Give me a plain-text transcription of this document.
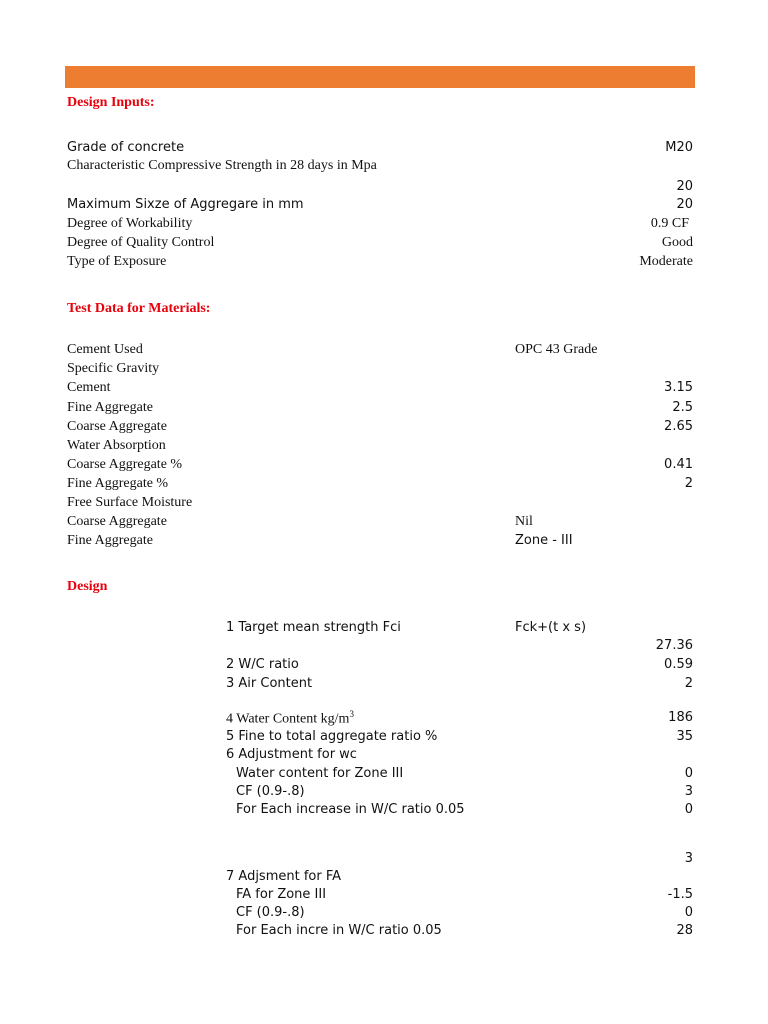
Design Inputs:
Grade of concrete	M20
Characteristic Compressive Strength in 28 days in Mpa
20
Maximum Sixze of Aggregare in mm	20
Degree of Workability	0.9 CF
Degree of Quality Control	Good
Type of Exposure	Moderate
Test Data for Materials:
Cement Used	OPC 43 Grade
Specific Gravity
Cement	3.15
Fine Aggregate	2.5
Coarse Aggregate	2.65
Water Absorption
Coarse Aggregate %	0.41
Fine Aggregate %	2
Free Surface Moisture
Coarse Aggregate	Nil
Fine Aggregate	Zone - III
Design
1 Target mean strength Fci	Fck+(t x s)
27.36
2 W/C ratio	0.59
3 Air Content	2
4 Water Content $kg/m^3$	186
5 Fine to total aggregate ratio %	35
6 Adjustment for wc
Water content for Zone III	0
CF (0.9-.8)	3
For Each increase in W/C ratio 0.05	0
3
7 Adjsment for FA
FA for Zone III	-1.5
CF (0.9-.8)	0
For Each incre in W/C ratio 0.05	28
